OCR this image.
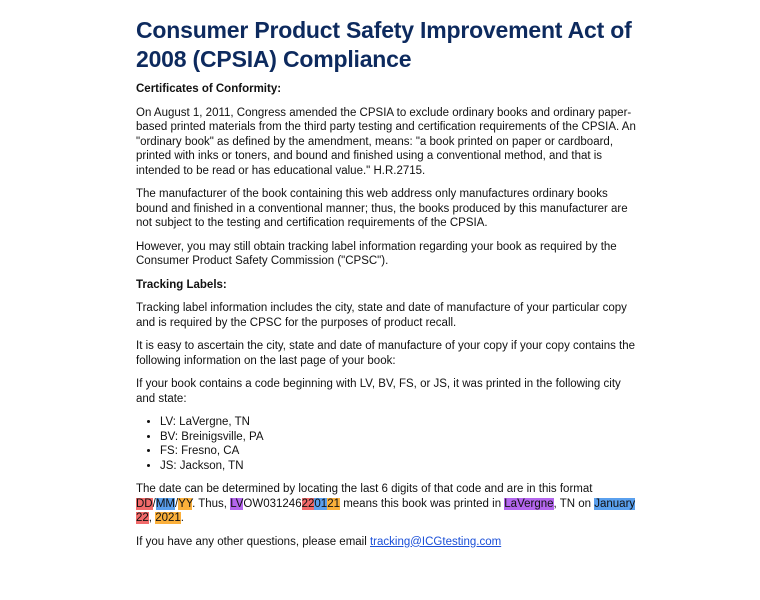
Consumer Product Safety Improvement Act of 2008 (CPSIA) Compliance

Certificates of Conformity:

On August 1, 2011, Congress amended the CPSIA to exclude ordinary books and ordinary paper-based printed materials from the third party testing and certification requirements of the CPSIA. An "ordinary book" as defined by the amendment, means: "a book printed on paper or cardboard, printed with inks or toners, and bound and finished using a conventional method, and that is intended to be read or has educational value." H.R.2715.

The manufacturer of the book containing this web address only manufactures ordinary books bound and finished in a conventional manner; thus, the books produced by this manufacturer are not subject to the testing and certification requirements of the CPSIA.

However, you may still obtain tracking label information regarding your book as required by the Consumer Product Safety Commission ("CPSC").

Tracking Labels:

Tracking label information includes the city, state and date of manufacture of your particular copy and is required by the CPSC for the purposes of product recall.

It is easy to ascertain the city, state and date of manufacture of your copy if your copy contains the following information on the last page of your book:

If your book contains a code beginning with LV, BV, FS, or JS, it was printed in the following city and state:

• LV: LaVergne, TN
• BV: Breinigsville, PA
• FS: Fresno, CA
• JS: Jackson, TN

The date can be determined by locating the last 6 digits of that code and are in this format DD/MM/YY. Thus, LVOW031246220121 means this book was printed in LaVergne, TN on January 22, 2021.

If you have any other questions, please email tracking@ICGtesting.com
